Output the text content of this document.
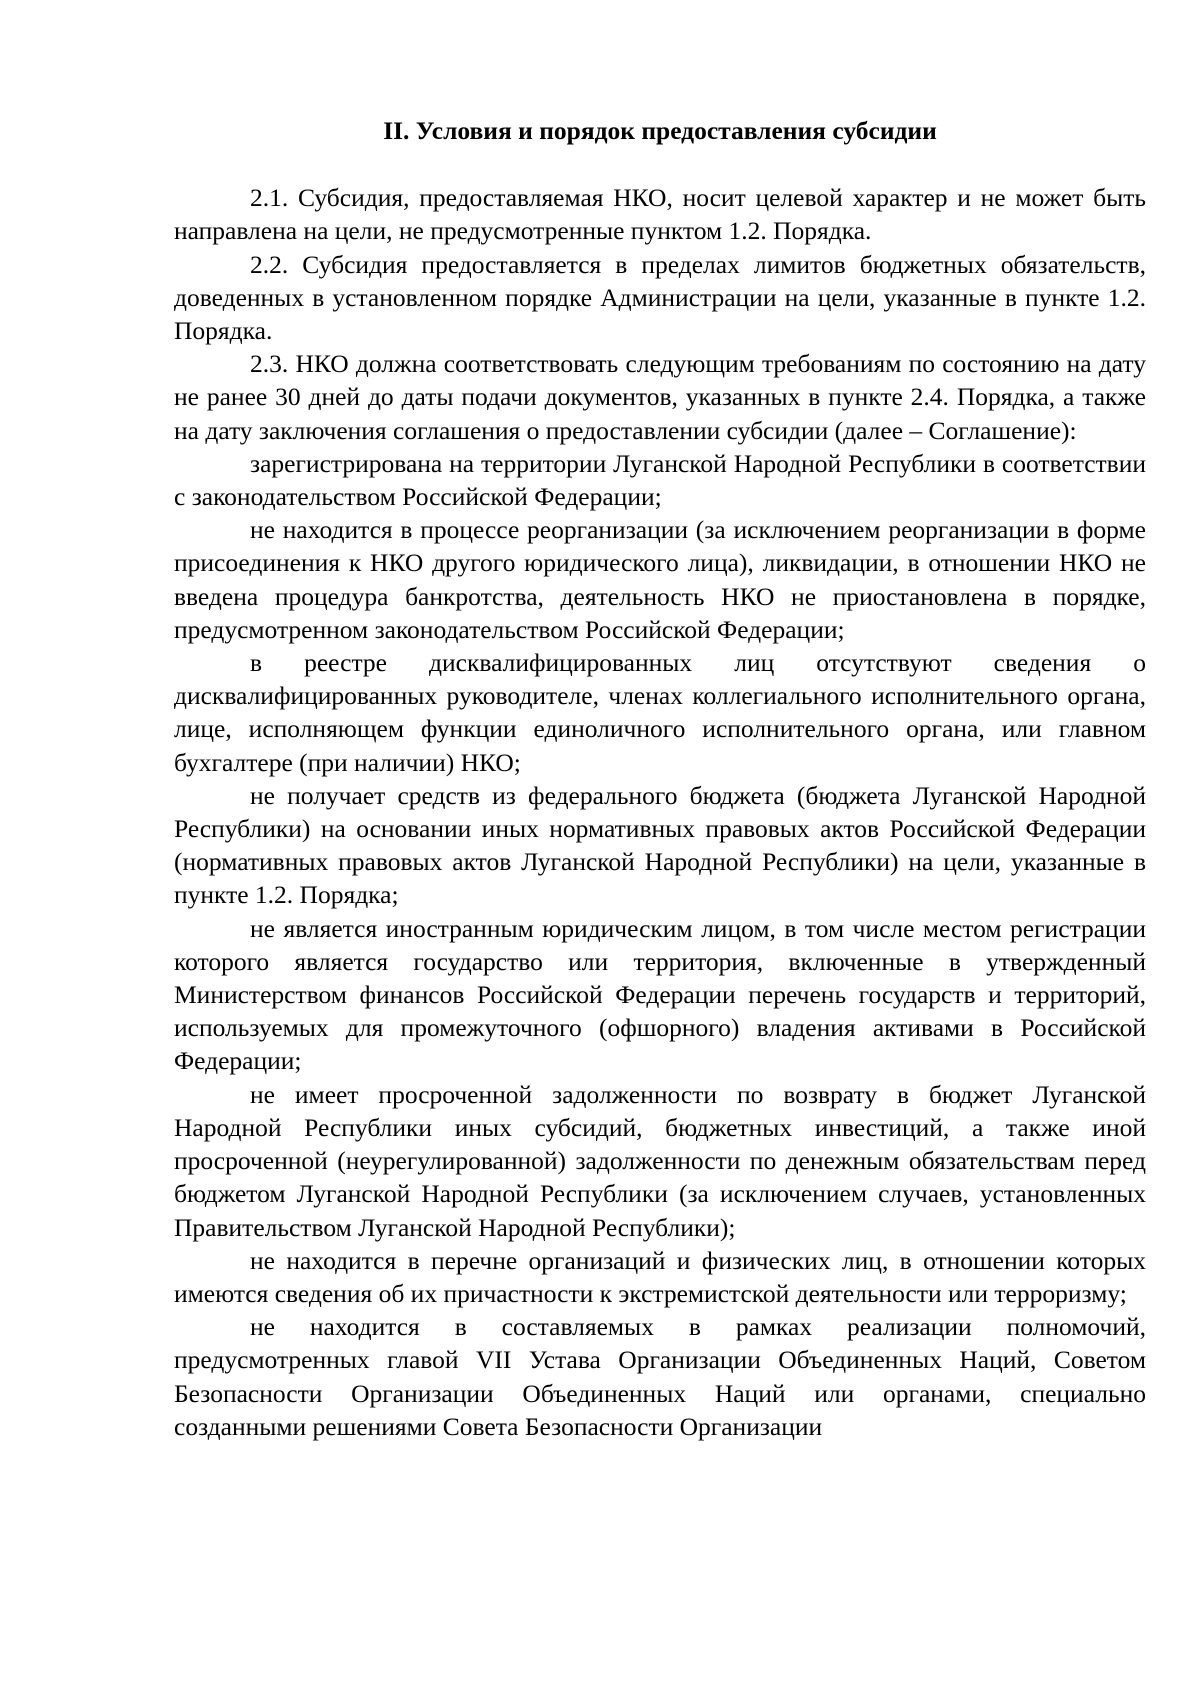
II. Условия и порядок предоставления субсидии

2.1. Субсидия, предоставляемая НКО, носит целевой характер и не может быть направлена на цели, не предусмотренные пунктом 1.2. Порядка.

2.2. Субсидия предоставляется в пределах лимитов бюджетных обязательств, доведенных в установленном порядке Администрации на цели, указанные в пункте 1.2. Порядка.

2.3. НКО должна соответствовать следующим требованиям по состоянию на дату не ранее 30 дней до даты подачи документов, указанных в пункте 2.4. Порядка, а также на дату заключения соглашения о предоставлении субсидии (далее – Соглашение):

зарегистрирована на территории Луганской Народной Республики в соответствии с законодательством Российской Федерации;

не находится в процессе реорганизации (за исключением реорганизации в форме присоединения к НКО другого юридического лица), ликвидации, в отношении НКО не введена процедура банкротства, деятельность НКО не приостановлена в порядке, предусмотренном законодательством Российской Федерации;

в реестре дисквалифицированных лиц отсутствуют сведения о дисквалифицированных руководителе, членах коллегиального исполнительного органа, лице, исполняющем функции единоличного исполнительного органа, или главном бухгалтере (при наличии) НКО;

не получает средств из федерального бюджета (бюджета Луганской Народной Республики) на основании иных нормативных правовых актов Российской Федерации (нормативных правовых актов Луганской Народной Республики) на цели, указанные в пункте 1.2. Порядка;

не является иностранным юридическим лицом, в том числе местом регистрации которого является государство или территория, включенные в утвержденный Министерством финансов Российской Федерации перечень государств и территорий, используемых для промежуточного (офшорного) владения активами в Российской Федерации;

не имеет просроченной задолженности по возврату в бюджет Луганской Народной Республики иных субсидий, бюджетных инвестиций, а также иной просроченной (неурегулированной) задолженности по денежным обязательствам перед бюджетом Луганской Народной Республики (за исключением случаев, установленных Правительством Луганской Народной Республики);

не находится в перечне организаций и физических лиц, в отношении которых имеются сведения об их причастности к экстремистской деятельности или терроризму;

не находится в составляемых в рамках реализации полномочий, предусмотренных главой VII Устава Организации Объединенных Наций, Советом Безопасности Организации Объединенных Наций или органами, специально созданными решениями Совета Безопасности Организации
